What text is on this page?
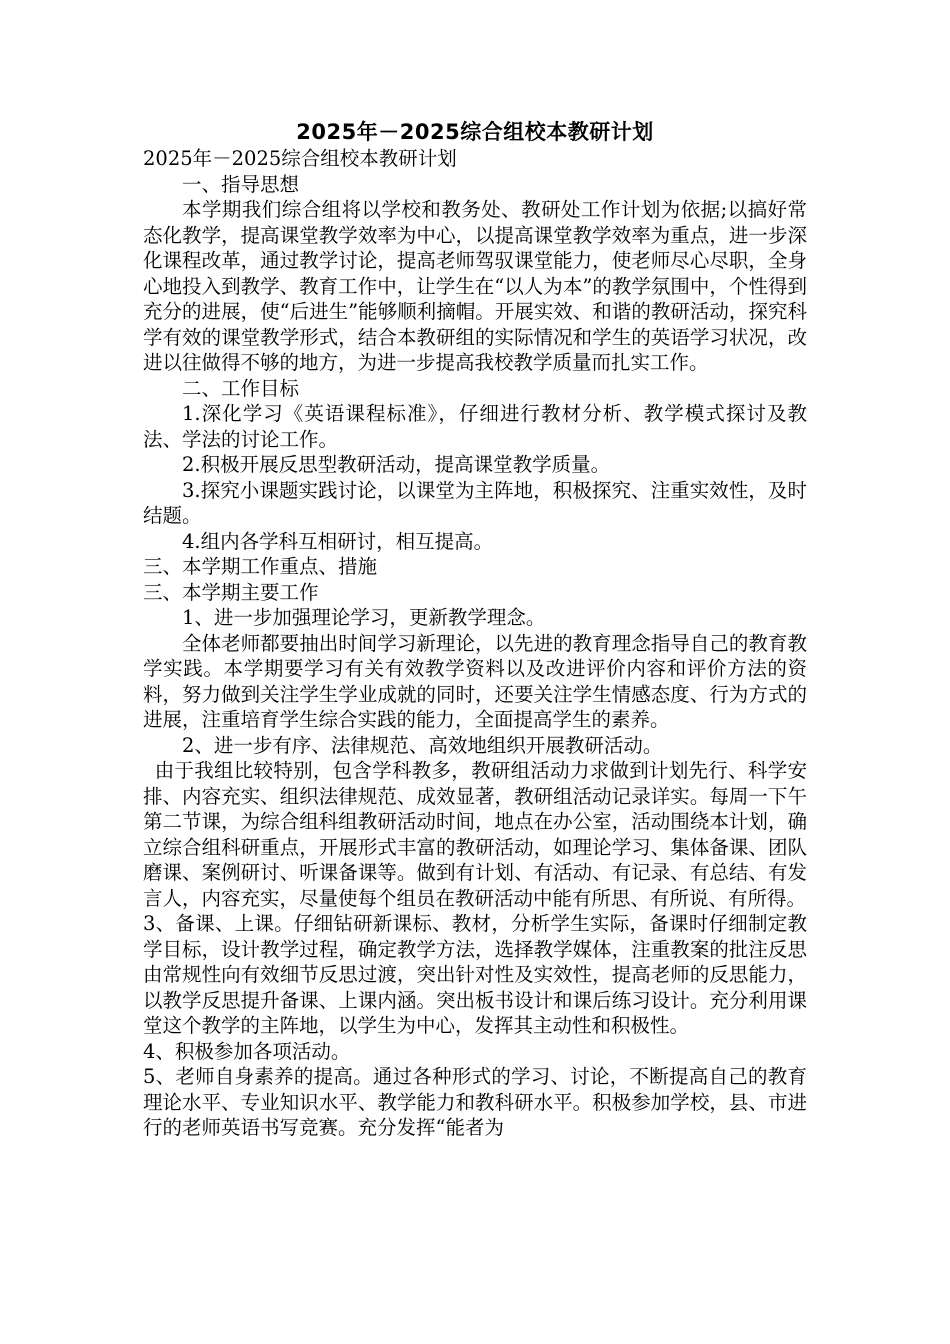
2025年－2025综合组校本教研计划

2025年－2025综合组校本教研计划

一、指导思想

本学期我们综合组将以学校和教务处、教研处工作计划为依据;以搞好常态化教学，提高课堂教学效率为中心，以提高课堂教学效率为重点，进一步深化课程改革，通过教学讨论，提高老师驾驭课堂能力，使老师尽心尽职，全身心地投入到教学、教育工作中，让学生在“以人为本”的教学氛围中，个性得到充分的进展，使“后进生”能够顺利摘帽。开展实效、和谐的教研活动，探究科学有效的课堂教学形式，结合本教研组的实际情况和学生的英语学习状况，改进以往做得不够的地方，为进一步提高我校教学质量而扎实工作。

二、工作目标

1.深化学习《英语课程标准》，仔细进行教材分析、教学模式探讨及教法、学法的讨论工作。

2.积极开展反思型教研活动，提高课堂教学质量。

3.探究小课题实践讨论，以课堂为主阵地，积极探究、注重实效性，及时结题。

4.组内各学科互相研讨，相互提高。

三、本学期工作重点、措施

三、本学期主要工作

1、进一步加强理论学习，更新教学理念。

全体老师都要抽出时间学习新理论，以先进的教育理念指导自己的教育教学实践。本学期要学习有关有效教学资料以及改进评价内容和评价方法的资料，努力做到关注学生学业成就的同时，还要关注学生情感态度、行为方式的进展，注重培育学生综合实践的能力，全面提高学生的素养。

2、进一步有序、法律规范、高效地组织开展教研活动。

由于我组比较特别，包含学科教多，教研组活动力求做到计划先行、科学安排、内容充实、组织法律规范、成效显著，教研组活动记录详实。每周一下午第二节课，为综合组科组教研活动时间，地点在办公室，活动围绕本计划，确立综合组科研重点，开展形式丰富的教研活动，如理论学习、集体备课、团队磨课、案例研讨、听课备课等。做到有计划、有活动、有记录、有总结、有发言人，内容充实，尽量使每个组员在教研活动中能有所思、有所说、有所得。

3、备课、上课。仔细钻研新课标、教材，分析学生实际，备课时仔细制定教学目标，设计教学过程，确定教学方法，选择教学媒体，注重教案的批注反思由常规性向有效细节反思过渡，突出针对性及实效性，提高老师的反思能力，以教学反思提升备课、上课内涵。突出板书设计和课后练习设计。充分利用课堂这个教学的主阵地，以学生为中心，发挥其主动性和积极性。

4、积极参加各项活动。

5、老师自身素养的提高。通过各种形式的学习、讨论，不断提高自己的教育理论水平、专业知识水平、教学能力和教科研水平。积极参加学校，县、市进行的老师英语书写竞赛。充分发挥“能者为
